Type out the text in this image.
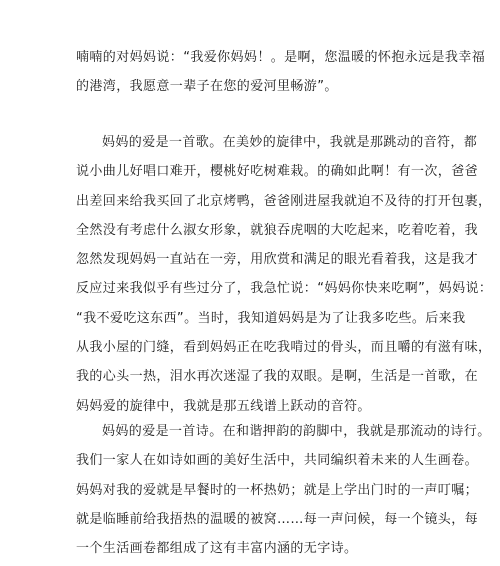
喃喃的对妈妈说：“我爱你妈妈！。是啊，您温暖的怀抱永远是我幸福
的港湾，我愿意一辈子在您的爱河里畅游”。
妈妈的爱是一首歌。在美妙的旋律中，我就是那跳动的音符，都
说小曲儿好唱口难开，樱桃好吃树难栽。的确如此啊！有一次，爸爸
出差回来给我买回了北京烤鸭，爸爸刚进屋我就迫不及待的打开包裹，
全然没有考虑什么淑女形象，就狼吞虎咽的大吃起来，吃着吃着，我
忽然发现妈妈一直站在一旁，用欣赏和满足的眼光看着我，这是我才
反应过来我似乎有些过分了，我急忙说：“妈妈你快来吃啊”，妈妈说：
“我不爱吃这东西”。当时，我知道妈妈是为了让我多吃些。后来我
从我小屋的门缝，看到妈妈正在吃我啃过的骨头，而且嚼的有滋有味，
我的心头一热，泪水再次迷湿了我的双眼。是啊，生活是一首歌，在
妈妈爱的旋律中，我就是那五线谱上跃动的音符。
妈妈的爱是一首诗。在和谐押韵的韵脚中，我就是那流动的诗行。
我们一家人在如诗如画的美好生活中，共同编织着未来的人生画卷。
妈妈对我的爱就是早餐时的一杯热奶；就是上学出门时的一声叮嘱；
就是临睡前给我捂热的温暖的被窝……每一声问候，每一个镜头，每
一个生活画卷都组成了这有丰富内涵的无字诗。
